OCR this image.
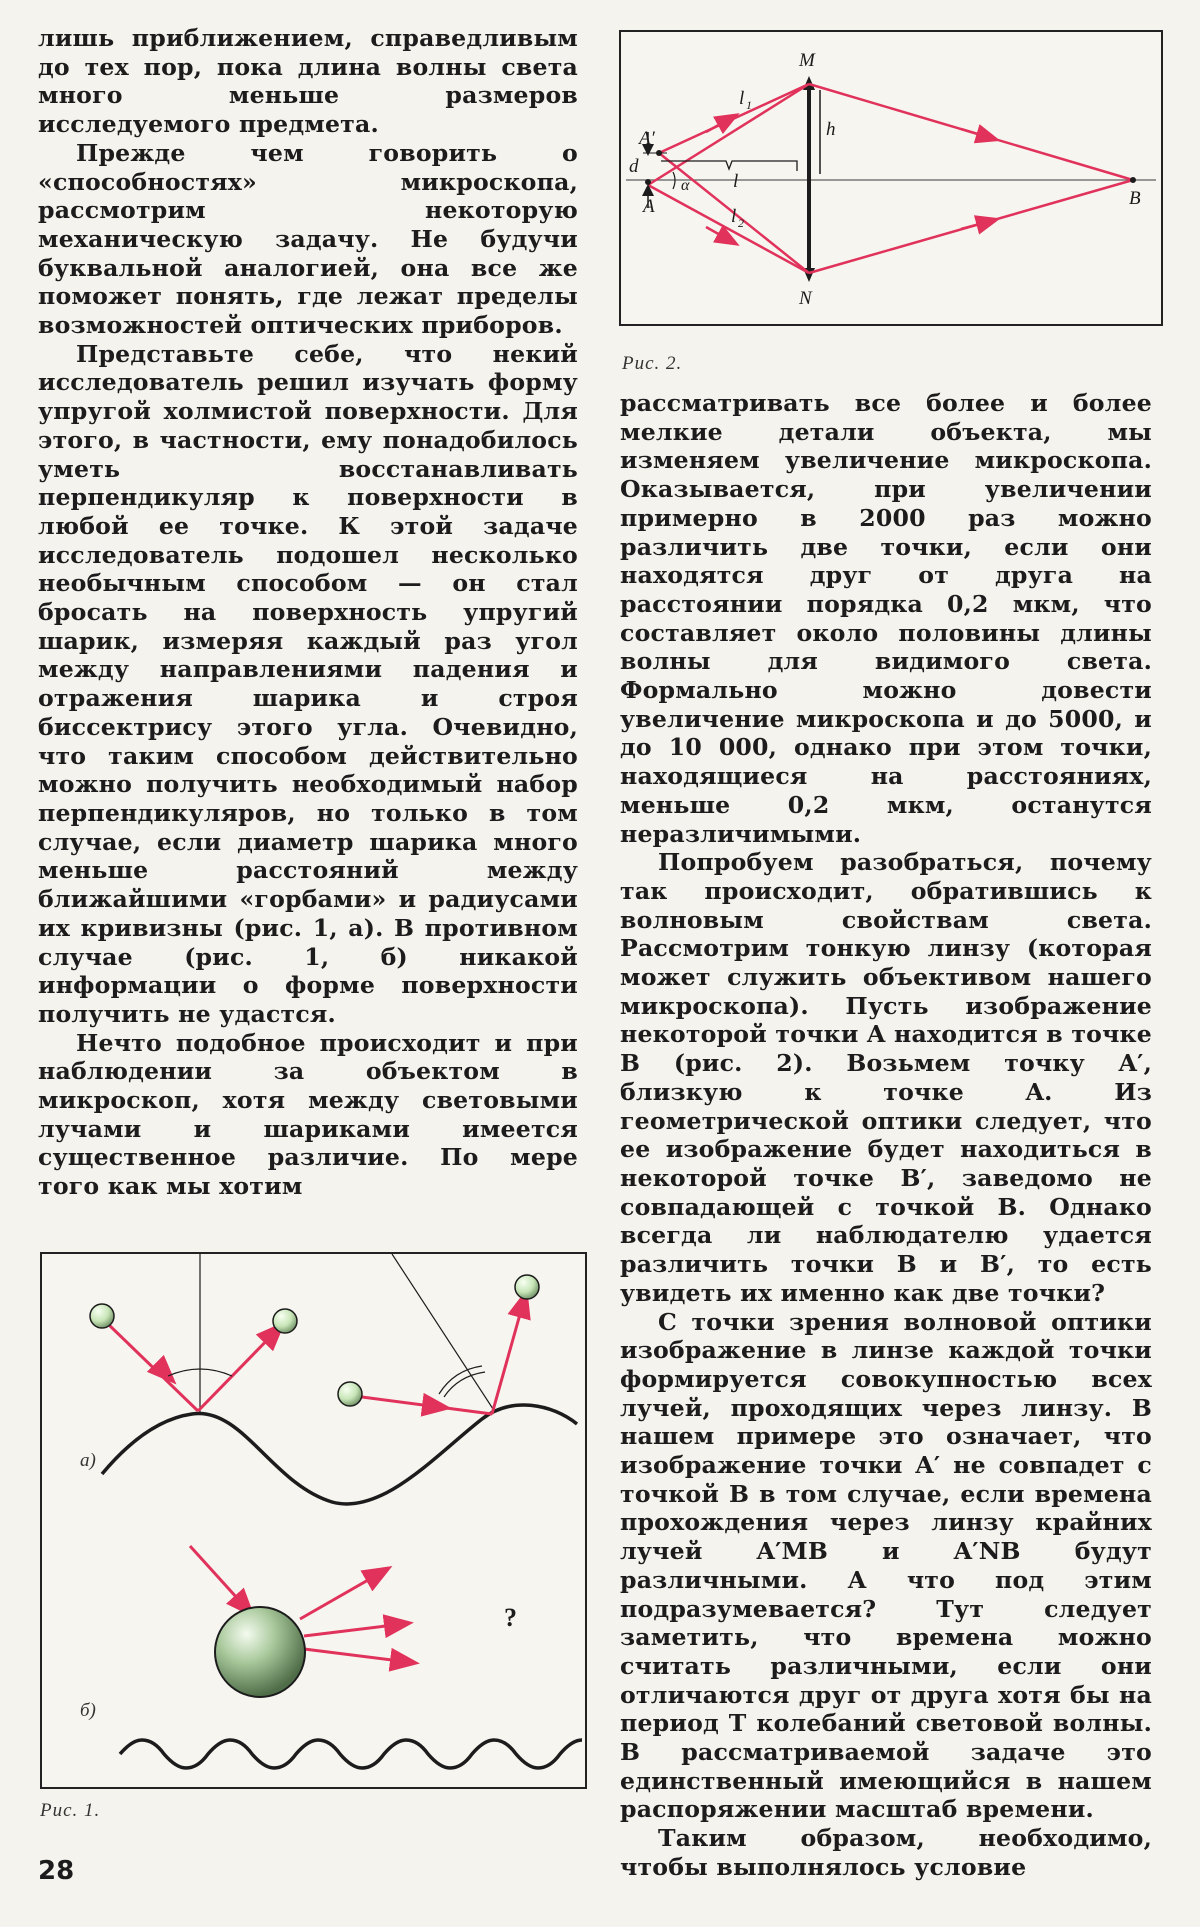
лишь приближением, справедливым до тех пор, пока длина волны света много меньше размеров исследуемого предмета.

Прежде чем говорить о «способностях» микроскопа, рассмотрим некоторую механическую задачу. Не будучи буквальной аналогией, она все же поможет понять, где лежат пределы возможностей оптических приборов.

Представьте себе, что некий исследователь решил изучать форму упругой холмистой поверхности. Для этого, в частности, ему понадобилось уметь восстанавливать перпендикуляр к поверхности в любой ее точке. К этой задаче исследователь подошел несколько необычным способом — он стал бросать на поверхность упругий шарик, измеряя каждый раз угол между направлениями падения и отражения шарика и строя биссектрису этого угла. Очевидно, что таким способом действительно можно получить необходимый набор перпендикуляров, но только в том случае, если диаметр шарика много меньше расстояний между ближайшими «горбами» и радиусами их кривизны (рис. 1, а). В противном случае (рис. 1, б) никакой информации о форме поверхности получить не удастся.

Нечто подобное происходит и при наблюдении за объектом в микроскоп, хотя между световыми лучами и шариками имеется существенное различие. По мере того как мы хотим

M
N
B
A
A′
d
h
l
α
l 1
l 2
Рис. 2.

рассматривать все более и более мелкие детали объекта, мы изменяем увеличение микроскопа. Оказывается, при увеличении примерно в 2000 раз можно различить две точки, если они находятся друг от друга на расстоянии порядка 0,2 мкм, что составляет около половины длины волны для видимого света. Формально можно довести увеличение микроскопа и до 5000, и до 10 000, однако при этом точки, находящиеся на расстояниях, меньше 0,2 мкм, останутся неразличимыми.

Попробуем разобраться, почему так происходит, обратившись к волновым свойствам света. Рассмотрим тонкую линзу (которая может служить объективом нашего микроскопа). Пусть изображение некоторой точки A находится в точке B (рис. 2). Возьмем точку A′, близкую к точке A. Из геометрической оптики следует, что ее изображение будет находиться в некоторой точке B′, заведомо не совпадающей с точкой B. Однако всегда ли наблюдателю удается различить точки B и B′, то есть увидеть их именно как две точки?

С точки зрения волновой оптики изображение в линзе каждой точки формируется совокупностью всех лучей, проходящих через линзу. В нашем примере это означает, что изображение точки A′ не совпадет с точкой B в том случае, если времена прохождения через линзу крайних лучей A′MB и A′NB будут различными. А что под этим подразумевается? Тут следует заметить, что времена можно считать различными, если они отличаются друг от друга хотя бы на период T колебаний световой волны. В рассматриваемой задаче это единственный имеющийся в нашем распоряжении масштаб времени.

Таким образом, необходимо, чтобы выполнялось условие

а)
б)
?
Рис. 1.
28
